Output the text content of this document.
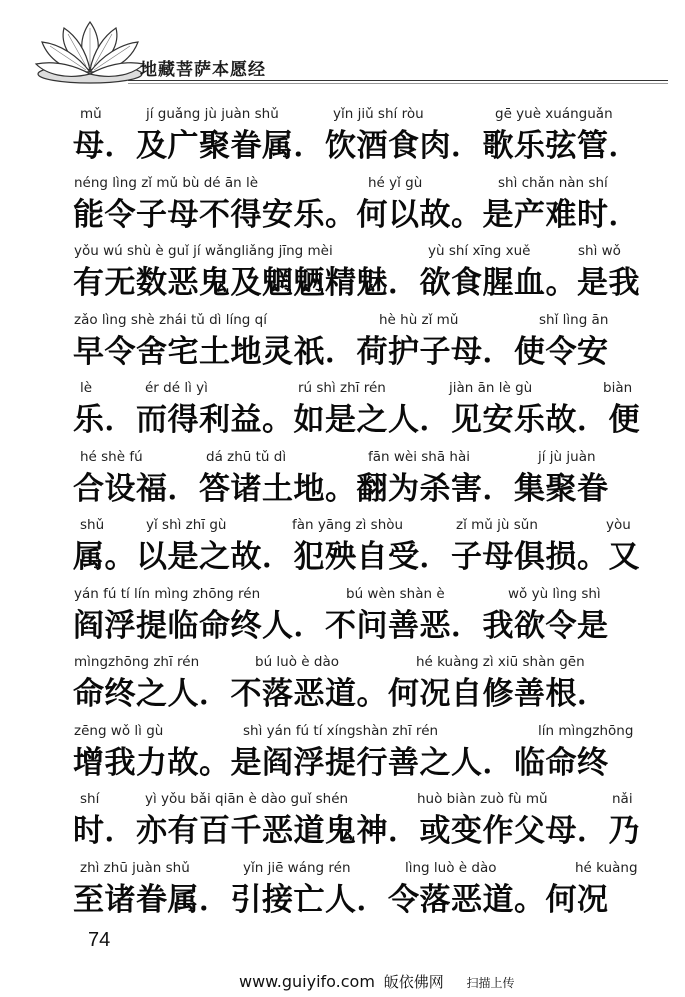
地藏菩萨本愿经
mǔ	jí guǎng jù juàn shǔ	yǐn jiǔ shí ròu	gē yuè xuánguǎn
母．及广聚眷属．饮酒食肉．歌乐弦管．
néng lìng zǐ mǔ bù dé ān lè	hé yǐ gù	shì chǎn nàn shí
能令子母不得安乐。何以故。是产难时．
yǒu wú shù è guǐ jí wǎngliǎng jīng mèi	yù shí xīng xuě	shì wǒ
有无数恶鬼及魍魉精魅．欲食腥血。是我
zǎo lìng shè zhái tǔ dì líng qí	hè hù zǐ mǔ	shǐ lìng ān
早令舍宅土地灵祇．荷护子母．使令安
lè	ér dé lì yì	rú shì zhī rén	jiàn ān lè gù	biàn
乐．而得利益。如是之人．见安乐故．便
hé shè fú	dá zhū tǔ dì	fān wèi shā hài	jí jù juàn
合设福．答诸土地。翻为杀害．集聚眷
shǔ	yǐ shì zhī gù	fàn yāng zì shòu	zǐ mǔ jù sǔn	yòu
属。以是之故．犯殃自受．子母俱损。又
yán fú tí lín mìng zhōng rén	bú wèn shàn è	wǒ yù lìng shì
阎浮提临命终人．不问善恶．我欲令是
mìngzhōng zhī rén	bú luò è dào	hé kuàng zì xiū shàn gēn
命终之人．不落恶道。何况自修善根．
zēng wǒ lì gù	shì yán fú tí xíngshàn zhī rén	lín mìngzhōng
增我力故。是阎浮提行善之人．临命终
shí	yì yǒu bǎi qiān è dào guǐ shén	huò biàn zuò fù mǔ	nǎi
时．亦有百千恶道鬼神．或变作父母．乃
zhì zhū juàn shǔ	yǐn jiē wáng rén	lìng luò è dào	hé kuàng
至诸眷属．引接亡人．令落恶道。何况
74
www.guiyifo.com 皈依佛网 扫描上传
